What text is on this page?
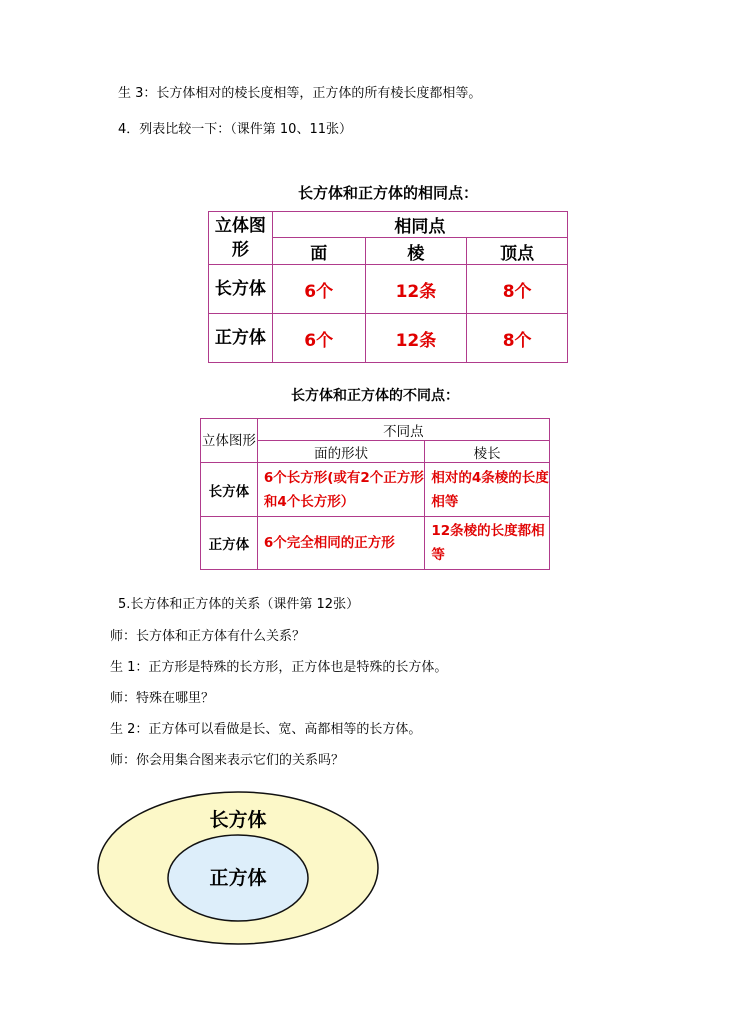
生 3：长方体相对的棱长度相等，正方体的所有棱长度都相等。
4．列表比较一下：（课件第 10、11张）
长方体和正方体的相同点：
立体图形	相同点		
	面	棱	顶点
长方体	6个	12条	8个
正方体	6个	12条	8个
长方体和正方体的不同点：
立体图形	不同点	
	面的形状	棱长
长方体	6个长方形(或有2个正方形和4个长方形）	相对的4条棱的长度相等
正方体	6个完全相同的正方形	12条棱的长度都相等
5.长方体和正方体的关系（课件第 12张）
师：长方体和正方体有什么关系？
生 1：正方形是特殊的长方形，正方体也是特殊的长方体。
师：特殊在哪里？
生 2：正方体可以看做是长、宽、高都相等的长方体。
师：你会用集合图来表示它们的关系吗？
长方体
正方体
